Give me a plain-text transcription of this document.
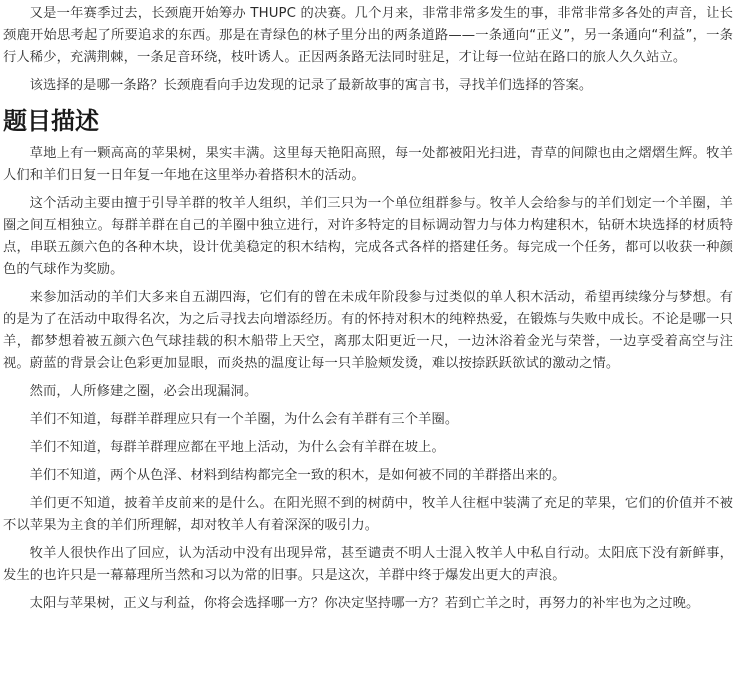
又是一年赛季过去，长颈鹿开始筹办 THUPC 的决赛。几个月来，非常非常多发生的事，非常非常多各处的声音，让长颈鹿开始思考起了所要追求的东西。那是在青绿色的林子里分出的两条道路——一条通向“正义”，另一条通向“利益”，一条行人稀少，充满荆棘，一条足音环绕，枝叶诱人。正因两条路无法同时驻足，才让每一位站在路口的旅人久久站立。

该选择的是哪一条路？长颈鹿看向手边发现的记录了最新故事的寓言书，寻找羊们选择的答案。

题目描述

草地上有一颗高高的苹果树，果实丰满。这里每天艳阳高照，每一处都被阳光扫进，青草的间隙也由之熠熠生辉。牧羊人们和羊们日复一日年复一年地在这里举办着搭积木的活动。

这个活动主要由擅于引导羊群的牧羊人组织，羊们三只为一个单位组群参与。牧羊人会给参与的羊们划定一个羊圈，羊圈之间互相独立。每群羊群在自己的羊圈中独立进行，对许多特定的目标调动智力与体力构建积木，钻研木块选择的材质特点，串联五颜六色的各种木块，设计优美稳定的积木结构，完成各式各样的搭建任务。每完成一个任务，都可以收获一种颜色的气球作为奖励。

来参加活动的羊们大多来自五湖四海，它们有的曾在未成年阶段参与过类似的单人积木活动，希望再续缘分与梦想。有的是为了在活动中取得名次，为之后寻找去向增添经历。有的怀持对积木的纯粹热爱，在锻炼与失败中成长。不论是哪一只羊，都梦想着被五颜六色气球挂载的积木船带上天空，离那太阳更近一尺，一边沐浴着金光与荣誉，一边享受着高空与注视。蔚蓝的背景会让色彩更加显眼，而炎热的温度让每一只羊脸颊发烫，难以按捺跃跃欲试的激动之情。

然而，人所修建之圈，必会出现漏洞。

羊们不知道，每群羊群理应只有一个羊圈，为什么会有羊群有三个羊圈。

羊们不知道，每群羊群理应都在平地上活动，为什么会有羊群在坡上。

羊们不知道，两个从色泽、材料到结构都完全一致的积木，是如何被不同的羊群搭出来的。

羊们更不知道，披着羊皮前来的是什么。在阳光照不到的树荫中，牧羊人往框中装满了充足的苹果，它们的价值并不被不以苹果为主食的羊们所理解，却对牧羊人有着深深的吸引力。

牧羊人很快作出了回应，认为活动中没有出现异常，甚至谴责不明人士混入牧羊人中私自行动。太阳底下没有新鲜事，发生的也许只是一幕幕理所当然和习以为常的旧事。只是这次，羊群中终于爆发出更大的声浪。

太阳与苹果树，正义与利益，你将会选择哪一方？你决定坚持哪一方？若到亡羊之时，再努力的补牢也为之过晚。
